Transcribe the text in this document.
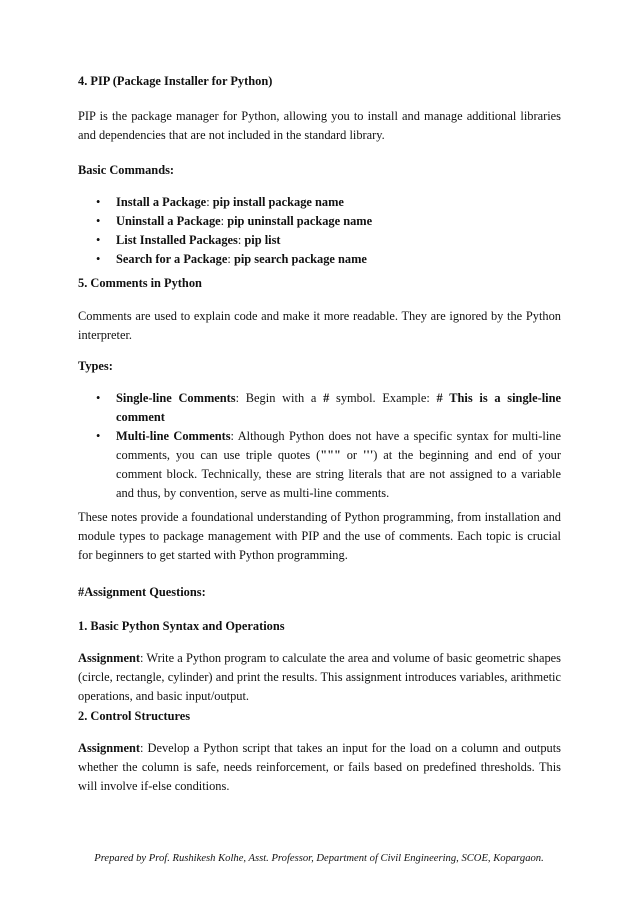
4. PIP (Package Installer for Python)

PIP is the package manager for Python, allowing you to install and manage additional libraries and dependencies that are not included in the standard library.

Basic Commands:

• Install a Package: pip install package name
• Uninstall a Package: pip uninstall package name
• List Installed Packages: pip list
• Search for a Package: pip search package name

5. Comments in Python

Comments are used to explain code and make it more readable. They are ignored by the Python interpreter.

Types:

• Single-line Comments: Begin with a # symbol. Example: # This is a single-line comment
• Multi-line Comments: Although Python does not have a specific syntax for multi-line comments, you can use triple quotes (""" or ''') at the beginning and end of your comment block. Technically, these are string literals that are not assigned to a variable and thus, by convention, serve as multi-line comments.

These notes provide a foundational understanding of Python programming, from installation and module types to package management with PIP and the use of comments. Each topic is crucial for beginners to get started with Python programming.

#Assignment Questions:

1. Basic Python Syntax and Operations

Assignment: Write a Python program to calculate the area and volume of basic geometric shapes (circle, rectangle, cylinder) and print the results. This assignment introduces variables, arithmetic operations, and basic input/output.

2. Control Structures

Assignment: Develop a Python script that takes an input for the load on a column and outputs whether the column is safe, needs reinforcement, or fails based on predefined thresholds. This will involve if-else conditions.

Prepared by Prof. Rushikesh Kolhe, Asst. Professor, Department of Civil Engineering, SCOE, Kopargaon.
